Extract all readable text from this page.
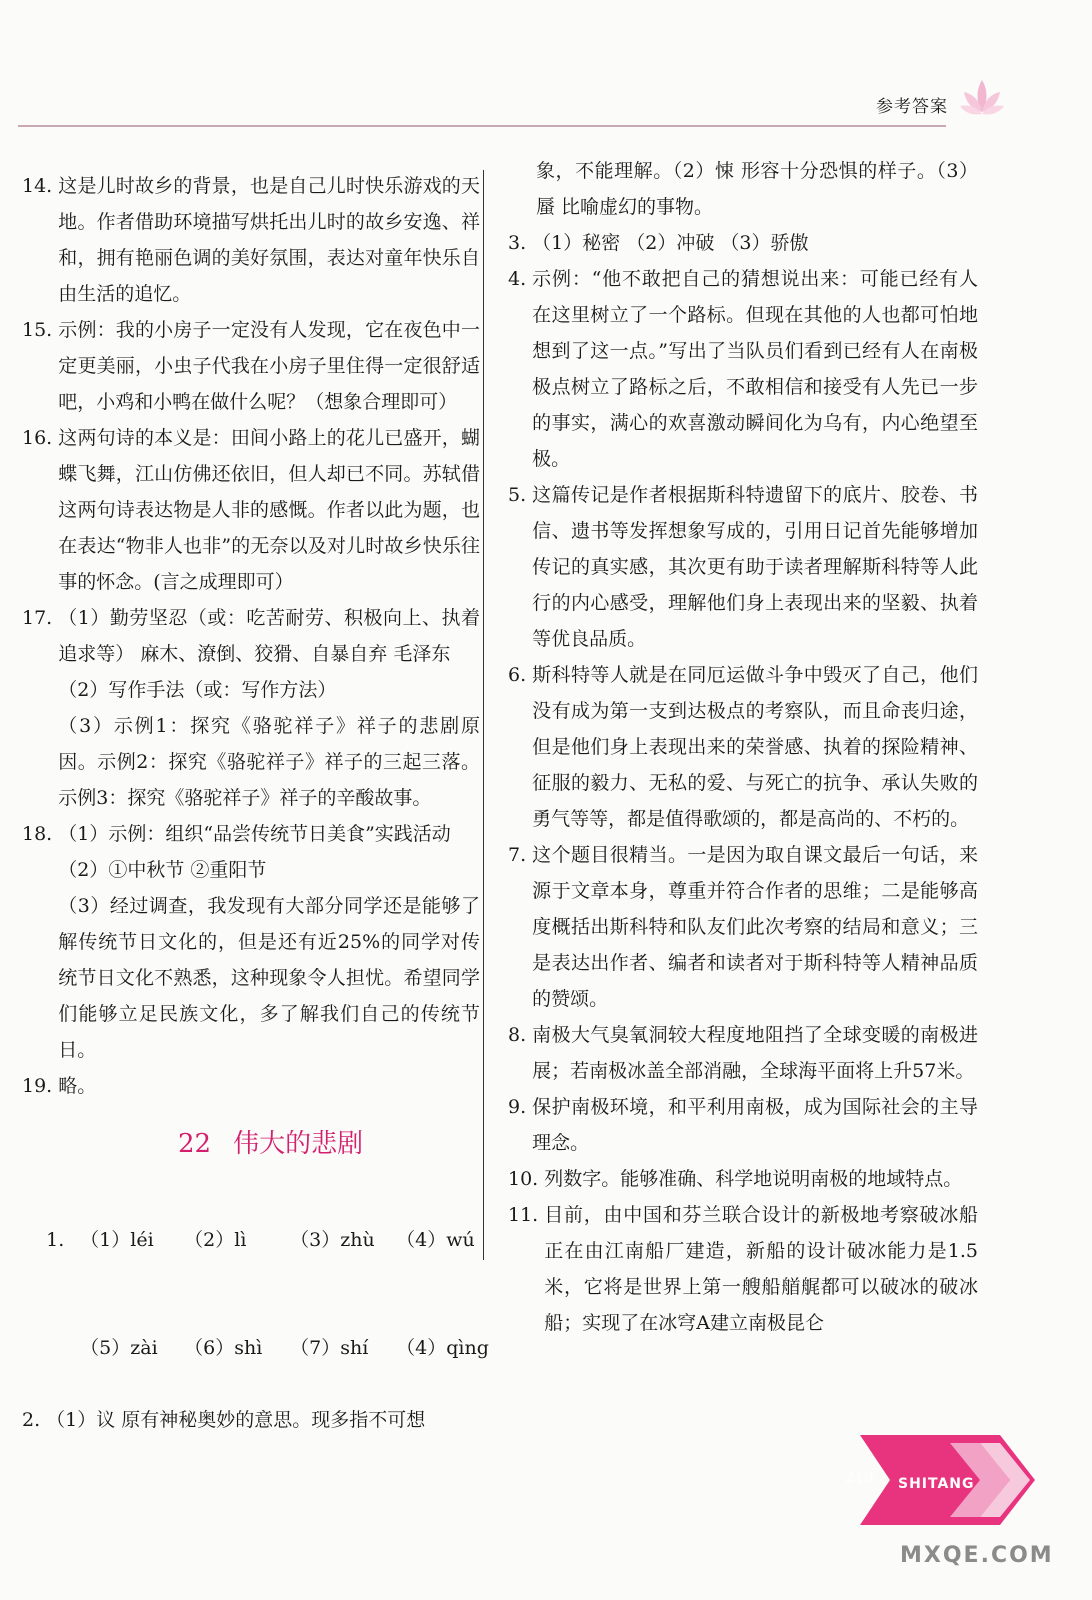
参考答案
14. 这是儿时故乡的背景，也是自己儿时快乐游戏的天地。作者借助环境描写烘托出儿时的故乡安逸、祥和，拥有艳丽色调的美好氛围，表达对童年快乐自由生活的追忆。
15. 示例：我的小房子一定没有人发现，它在夜色中一定更美丽，小虫子代我在小房子里住得一定很舒适吧，小鸡和小鸭在做什么呢？（想象合理即可）
16. 这两句诗的本义是：田间小路上的花儿已盛开，蝴蝶飞舞，江山仿佛还依旧，但人却已不同。苏轼借这两句诗表达物是人非的感慨。作者以此为题，也在表达“物非人也非”的无奈以及对儿时故乡快乐往事的怀念。(言之成理即可）
17. （1）勤劳坚忍（或：吃苦耐劳、积极向上、执着追求等） 麻木、潦倒、狡猾、自暴自弃 毛泽东
（2）写作手法（或：写作方法）
（3）示例1：探究《骆驼祥子》祥子的悲剧原因。示例2：探究《骆驼祥子》祥子的三起三落。示例3：探究《骆驼祥子》祥子的辛酸故事。
18. （1）示例：组织“品尝传统节日美食”实践活动
（2）①中秋节 ②重阳节
（3）经过调查，我发现有大部分同学还是能够了解传统节日文化的，但是还有近25%的同学对传统节日文化不熟悉，这种现象令人担忧。希望同学们能够立足民族文化，多了解我们自己的传统节日。
19. 略。
22 伟大的悲剧

1. （1）léi （2）lì （3）zhù （4）wú

（5）zài （6）shì （7）shí （4）qìng

2. （1）议 原有神秘奥妙的意思。现多指不可想
象，不能理解。（2）悚 形容十分恐惧的样子。（3）蜃 比喻虚幻的事物。
3. （1）秘密 （2）冲破 （3）骄傲
4. 示例：“他不敢把自己的猜想说出来：可能已经有人在这里树立了一个路标。但现在其他的人也都可怕地想到了这一点。”写出了当队员们看到已经有人在南极极点树立了路标之后，不敢相信和接受有人先已一步的事实，满心的欢喜激动瞬间化为乌有，内心绝望至极。
5. 这篇传记是作者根据斯科特遗留下的底片、胶卷、书信、遗书等发挥想象写成的，引用日记首先能够增加传记的真实感，其次更有助于读者理解斯科特等人此行的内心感受，理解他们身上表现出来的坚毅、执着等优良品质。
6. 斯科特等人就是在同厄运做斗争中毁灭了自己，他们没有成为第一支到达极点的考察队，而且命丧归途，但是他们身上表现出来的荣誉感、执着的探险精神、征服的毅力、无私的爱、与死亡的抗争、承认失败的勇气等等，都是值得歌颂的，都是高尚的、不朽的。
7. 这个题目很精当。一是因为取自课文最后一句话，来源于文章本身，尊重并符合作者的思维；二是能够高度概括出斯科特和队友们此次考察的结局和意义；三是表达出作者、编者和读者对于斯科特等人精神品质的赞颂。
8. 南极大气臭氧洞较大程度地阻挡了全球变暖的南极进展；若南极冰盖全部消融，全球海平面将上升57米。
9. 保护南极环境，和平利用南极，成为国际社会的主导理念。
10. 列数字。能够准确、科学地说明南极的地域特点。
11. 目前，由中国和芬兰联合设计的新极地考察破冰船正在由江南船厂建造，新船的设计破冰能力是1.5米，它将是世界上第一艘船艏艉都可以破冰的破冰船；实现了在冰穹A建立南极昆仑
219 SHITANG
MXQE.COM
